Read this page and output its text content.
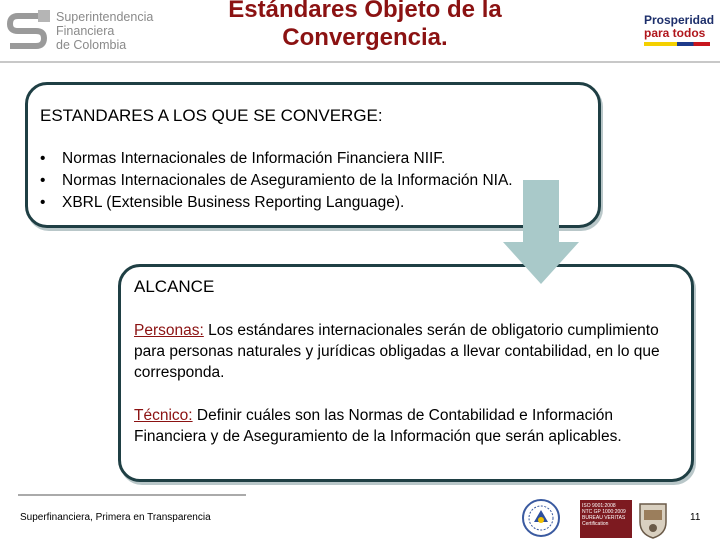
Superintendencia
Financiera
de Colombia
Estándares Objeto de la
Convergencia.
Prosperidad
para todos
ESTANDARES A LOS QUE SE CONVERGE:
• Normas Internacionales de Información Financiera NIIF.
• Normas Internacionales de Aseguramiento de la Información NIA.
• XBRL (Extensible Business Reporting Language).
ALCANCE
Personas: Los estándares internacionales serán de obligatorio cumplimiento para personas naturales y jurídicas obligadas a llevar contabilidad, en lo que corresponda.
Técnico: Definir cuáles son las Normas de Contabilidad e Información Financiera y de Aseguramiento de la Información que serán aplicables.
Superfinanciera, Primera en Transparencia
ISO 9001:2008
NTC GP 1000:2009
BUREAU VERITAS
Certification
11
